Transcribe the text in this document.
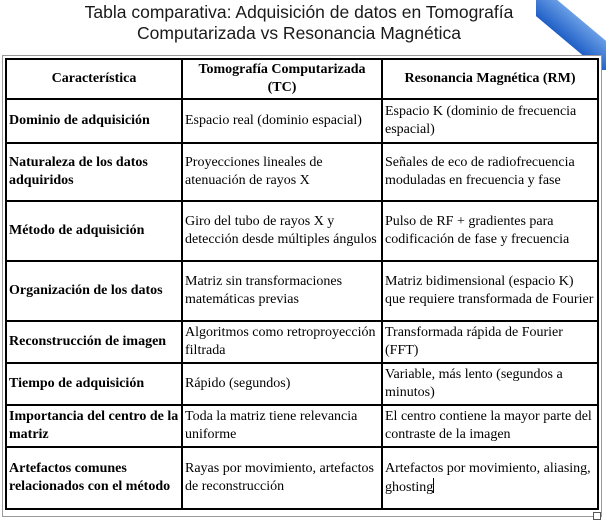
Tabla comparativa: Adquisición de datos en Tomografía
Computarizada vs Resonancia Magnética
Característica	Tomografía Computarizada (TC)	Resonancia Magnética (RM)
Dominio de adquisición	Espacio real (dominio espacial)	Espacio K (dominio de frecuencia espacial)
Naturaleza de los datos adquiridos	Proyecciones lineales de atenuación de rayos X	Señales de eco de radiofrecuencia moduladas en frecuencia y fase
Método de adquisición	Giro del tubo de rayos X y detección desde múltiples ángulos	Pulso de RF + gradientes para codificación de fase y frecuencia
Organización de los datos	Matriz sin transformaciones matemáticas previas	Matriz bidimensional (espacio K) que requiere transformada de Fourier
Reconstrucción de imagen	Algoritmos como retroproyección filtrada	Transformada rápida de Fourier (FFT)
Tiempo de adquisición	Rápido (segundos)	Variable, más lento (segundos a minutos)
Importancia del centro de la matriz	Toda la matriz tiene relevancia uniforme	El centro contiene la mayor parte del contraste de la imagen
Artefactos comunes relacionados con el método	Rayas por movimiento, artefactos de reconstrucción	Artefactos por movimiento, aliasing, ghosting
